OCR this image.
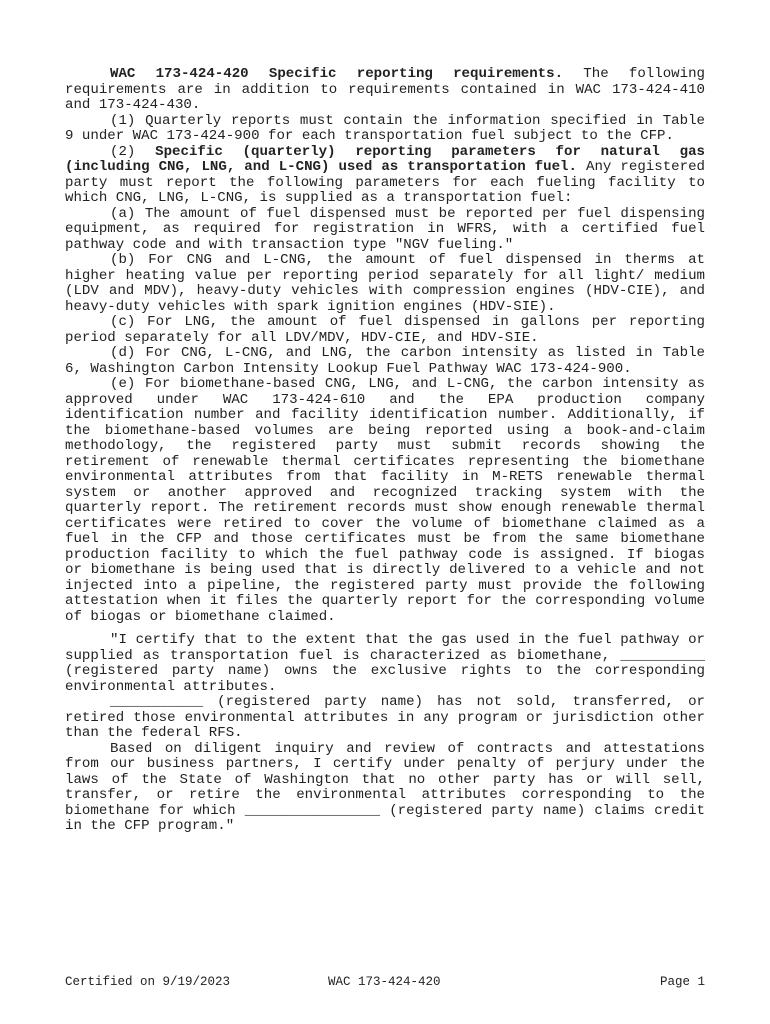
WAC 173-424-420 Specific reporting requirements. The following requirements are in addition to requirements contained in WAC 173-424-410 and 173-424-430.

(1) Quarterly reports must contain the information specified in Table 9 under WAC 173-424-900 for each transportation fuel subject to the CFP.

(2) Specific (quarterly) reporting parameters for natural gas (including CNG, LNG, and L-CNG) used as transportation fuel. Any registered party must report the following parameters for each fueling facility to which CNG, LNG, L-CNG, is supplied as a transportation fuel:

(a) The amount of fuel dispensed must be reported per fuel dispensing equipment, as required for registration in WFRS, with a certified fuel pathway code and with transaction type "NGV fueling."

(b) For CNG and L-CNG, the amount of fuel dispensed in therms at higher heating value per reporting period separately for all light/ medium (LDV and MDV), heavy-duty vehicles with compression engines (HDV-CIE), and heavy-duty vehicles with spark ignition engines (HDV-SIE).

(c) For LNG, the amount of fuel dispensed in gallons per reporting period separately for all LDV/MDV, HDV-CIE, and HDV-SIE.

(d) For CNG, L-CNG, and LNG, the carbon intensity as listed in Table 6, Washington Carbon Intensity Lookup Fuel Pathway WAC 173-424-900.

(e) For biomethane-based CNG, LNG, and L-CNG, the carbon intensity as approved under WAC 173-424-610 and the EPA production company identification number and facility identification number. Additionally, if the biomethane-based volumes are being reported using a book-and-claim methodology, the registered party must submit records showing the retirement of renewable thermal certificates representing the biomethane environmental attributes from that facility in M-RETS renewable thermal system or another approved and recognized tracking system with the quarterly report. The retirement records must show enough renewable thermal certificates were retired to cover the volume of biomethane claimed as a fuel in the CFP and those certificates must be from the same biomethane production facility to which the fuel pathway code is assigned. If biogas or biomethane is being used that is directly delivered to a vehicle and not injected into a pipeline, the registered party must provide the following attestation when it files the quarterly report for the corresponding volume of biogas or biomethane claimed.

"I certify that to the extent that the gas used in the fuel pathway or supplied as transportation fuel is characterized as biomethane, __________ (registered party name) owns the exclusive rights to the corresponding environmental attributes.

___________ (registered party name) has not sold, transferred, or retired those environmental attributes in any program or jurisdiction other than the federal RFS.

Based on diligent inquiry and review of contracts and attestations from our business partners, I certify under penalty of perjury under the laws of the State of Washington that no other party has or will sell, transfer, or retire the environmental attributes corresponding to the biomethane for which ________________ (registered party name) claims credit in the CFP program."

Certified on 9/19/2023	WAC 173-424-420	Page 1
